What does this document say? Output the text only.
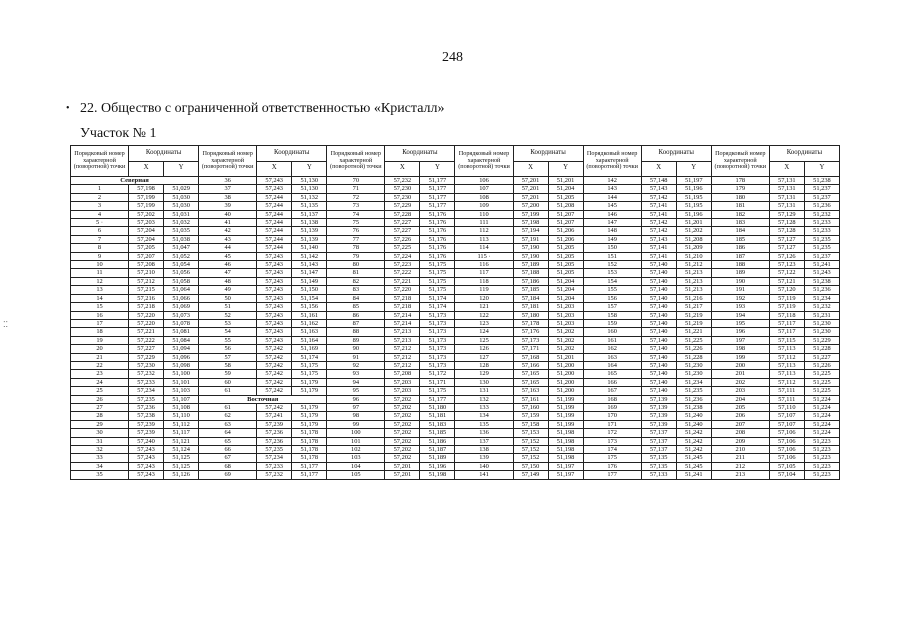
248
• 22. Общество с ограниченной ответственностью «Кристалл»
Участок № 1
⁚⁚
Порядковый номер характерной (поворотной) точки	Координаты		Порядковый номер характерной (поворотной) точки	Координаты		Порядковый номер характерной (поворотной) точки	Координаты		Порядковый номер характерной (поворотной) точки	Координаты		Порядковый номер характерной (поворотной) точки	Координаты		Порядковый номер характерной (поворотной) точки	Координаты	
	X	Y		X	Y		X	Y		X	Y		X	Y		X	Y
Северная			36	57,243	51,130	70	57,232	51,177	106	57,201	51,201	142	57,148	51,197	178	57,131	51,238
1	57,198	51,029	37	57,243	51,130	71	57,230	51,177	107	57,201	51,204	143	57,143	51,196	179	57,131	51,237
2	57,199	51,030	38	57,244	51,132	72	57,230	51,177	108	57,201	51,205	144	57,142	51,195	180	57,131	51,237
3	57,199	51,030	39	57,244	51,135	73	57,229	51,177	109	57,200	51,208	145	57,141	51,195	181	57,131	51,236
4	57,202	51,031	40	57,244	51,137	74	57,228	51,176	110	57,199	51,207	146	57,141	51,196	182	57,129	51,232
5 ·	57,203	51,032	41	57,244	51,138	75	57,227	51,176	111	57,198	51,207	147	57,142	51,201	183	57,128	51,233
6	57,204	51,035	42	57,244	51,139	76	57,227	51,176	112	57,194	51,206	148	57,142	51,202	184	57,128	51,233
7	57,204	51,038	43	57,244	51,139	77	57,226	51,176	113	57,191	51,206	149	57,143	51,208	185	57,127	51,235
8	57,205	51,047	44	57,244	51,140	78	57,225	51,176	114	57,190	51,205	150	57,141	51,209	186	57,127	51,235
9	57,207	51,052	45	57,243	51,142	79	57,224	51,176	115 ·	57,190	51,205	151	57,141	51,210	187	57,126	51,237
10	57,208	51,054	46	57,243	51,143	80	57,223	51,175	116	57,189	51,205	152	57,140	51,212	188	57,123	51,241
11	57,210	51,056	47	57,243	51,147	81	57,222	51,175	117	57,188	51,205	153	57,140	51,213	189	57,122	51,243
12	57,212	51,058	48	57,243	51,149	82	57,221	51,175	118	57,186	51,204	154	57,140	51,213	190	57,121	51,238
13	57,215	51,064	49	57,243	51,150	83	57,220	51,175	119	57,185	51,204	155	57,140	51,213	191	57,120	51,236
14	57,216	51,066	50	57,243	51,154	84	57,218	51,174	120	57,184	51,204	156	57,140	51,216	192	57,119	51,234
15	57,218	51,069	51	57,243	51,156	85	57,218	51,174	121	57,181	51,203	157	57,140	51,217	193	57,119	51,232
16	57,220	51,073	52	57,243	51,161	86	57,214	51,173	122	57,180	51,203	158	57,140	51,219	194	57,118	51,231
17	57,220	51,078	53	57,243	51,162	87	57,214	51,173	123	57,178	51,203	159	57,140	51,219	195	57,117	51,230
18	57,221	51,081	54	57,243	51,163	88	57,213	51,173	124	57,176	51,202	160	57,140	51,221	196	57,117	51,230
19	57,222	51,084	55	57,243	51,164	89	57,213	51,173	125	57,173	51,202	161	57,140	51,225	197	57,115	51,229
20	57,227	51,094	56	57,242	51,169	90	57,212	51,173	126	57,171	51,202	162	57,140	51,226	198	57,113	51,228
21	57,229	51,096	57	57,242	51,174	91	57,212	51,173	127	57,168	51,201	163	57,140	51,228	199	57,112	51,227
22	57,230	51,098	58	57,242	51,175	92	57,212	51,173	128	57,166	51,200	164	57,140	51,230	200	57,113	51,226
23	57,232	51,100	59	57,242	51,175	93	57,208	51,172	129	57,165	51,200	165	57,140	51,230	201	57,113	51,225
24	57,233	51,101	60	57,242	51,179	94	57,203	51,171	130	57,165	51,200	166	57,140	51,234	202	57,112	51,225
25	57,234	51,103	61	57,242	51,179	95	57,203	51,175	131	57,163	51,200	167	57,140	51,235	203	57,111	51,225
26	57,235	51,107	Восточная			96	57,202	51,177	132	57,161	51,199	168	57,139	51,236	204	57,111	51,224
27	57,236	51,108	61	57,242	51,179	97	57,202	51,180	133	57,160	51,199	169	57,139	51,238	205	57,110	51,224
28	57,238	51,110	62	57,241	51,179	98	57,202	51,181	134	57,159	51,199	170	57,139	51,240	206	57,107	51,224
29	57,239	51,112	63	57,239	51,179	99	57,202	51,183	135	57,158	51,199	171	57,139	51,240	207	57,107	51,224
30	57,239	51,117	64	57,236	51,178	100	57,202	51,185	136	57,153	51,198	172	57,137	51,242	208	57,106	51,224
31	57,240	51,121	65	57,236	51,178	101	57,202	51,186	137	57,152	51,198	173	57,137	51,242	209	57,106	51,223
32	57,243	51,124	66	57,235	51,178	102	57,202	51,187	138	57,152	51,198	174	57,137	51,242	210	57,106	51,223
33	57,243	51,125	67	57,234	51,178	103	57,202	51,189	139	57,152	51,198	175	57,135	51,245	211	57,106	51,223
34	57,243	51,125	68	57,233	51,177	104	57,201	51,196	140	57,150	51,197	176	57,135	51,245	212	57,105	51,223
35	57,243	51,126	69	57,232	51,177	105	57,201	51,198	141	57,149	51,197	177	57,133	51,241	213	57,104	51,223
